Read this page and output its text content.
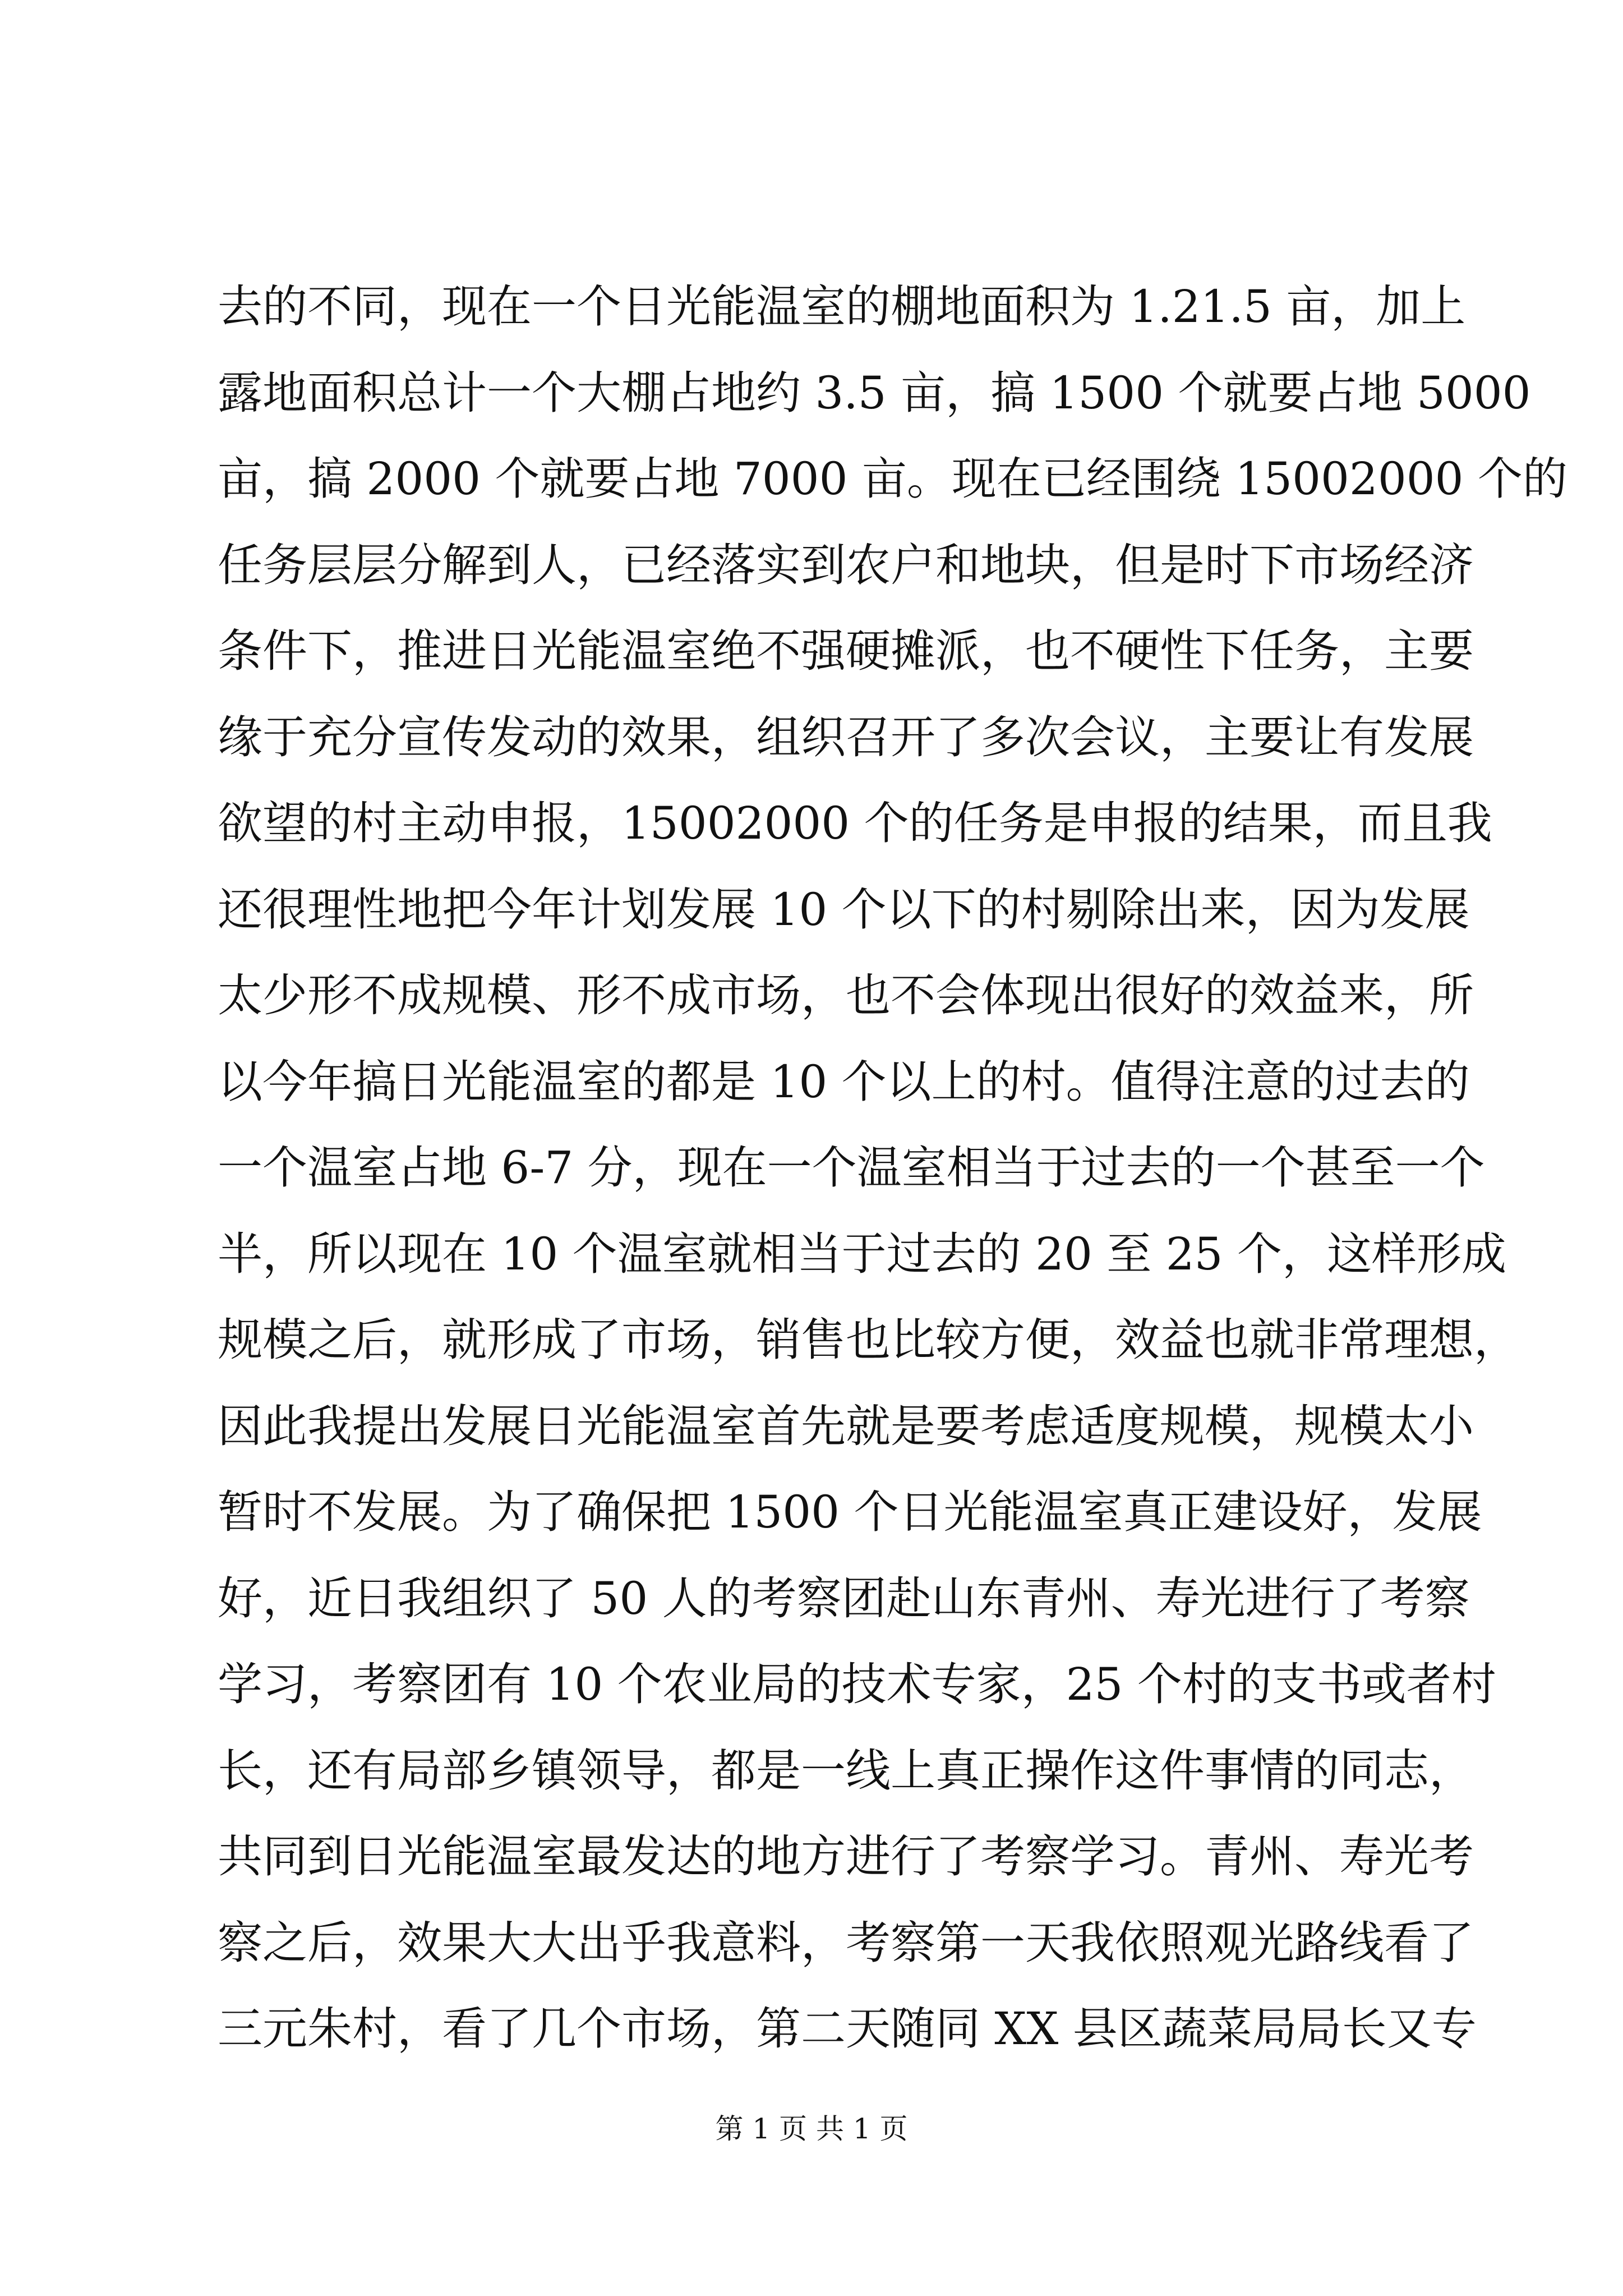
去的不同，现在一个日光能温室的棚地面积为 1.21.5 亩，加上
露地面积总计一个大棚占地约 3.5 亩，搞 1500 个就要占地 5000
亩，搞 2000 个就要占地 7000 亩。现在已经围绕 15002000 个的
任务层层分解到人，已经落实到农户和地块，但是时下市场经济
条件下，推进日光能温室绝不强硬摊派，也不硬性下任务，主要
缘于充分宣传发动的效果，组织召开了多次会议，主要让有发展
欲望的村主动申报，15002000 个的任务是申报的结果，而且我
还很理性地把今年计划发展 10 个以下的村剔除出来，因为发展
太少形不成规模、形不成市场，也不会体现出很好的效益来，所
以今年搞日光能温室的都是 10 个以上的村。值得注意的过去的
一个温室占地 6-7 分，现在一个温室相当于过去的一个甚至一个
半，所以现在 10 个温室就相当于过去的 20 至 25 个，这样形成
规模之后，就形成了市场，销售也比较方便，效益也就非常理想，
因此我提出发展日光能温室首先就是要考虑适度规模，规模太小
暂时不发展。为了确保把 1500 个日光能温室真正建设好，发展
好，近日我组织了 50 人的考察团赴山东青州、寿光进行了考察
学习，考察团有 10 个农业局的技术专家，25 个村的支书或者村
长，还有局部乡镇领导，都是一线上真正操作这件事情的同志，
共同到日光能温室最发达的地方进行了考察学习。青州、寿光考
察之后，效果大大出乎我意料，考察第一天我依照观光路线看了
三元朱村，看了几个市场，第二天随同 XX 县区蔬菜局局长又专
第 1 页 共 1 页
